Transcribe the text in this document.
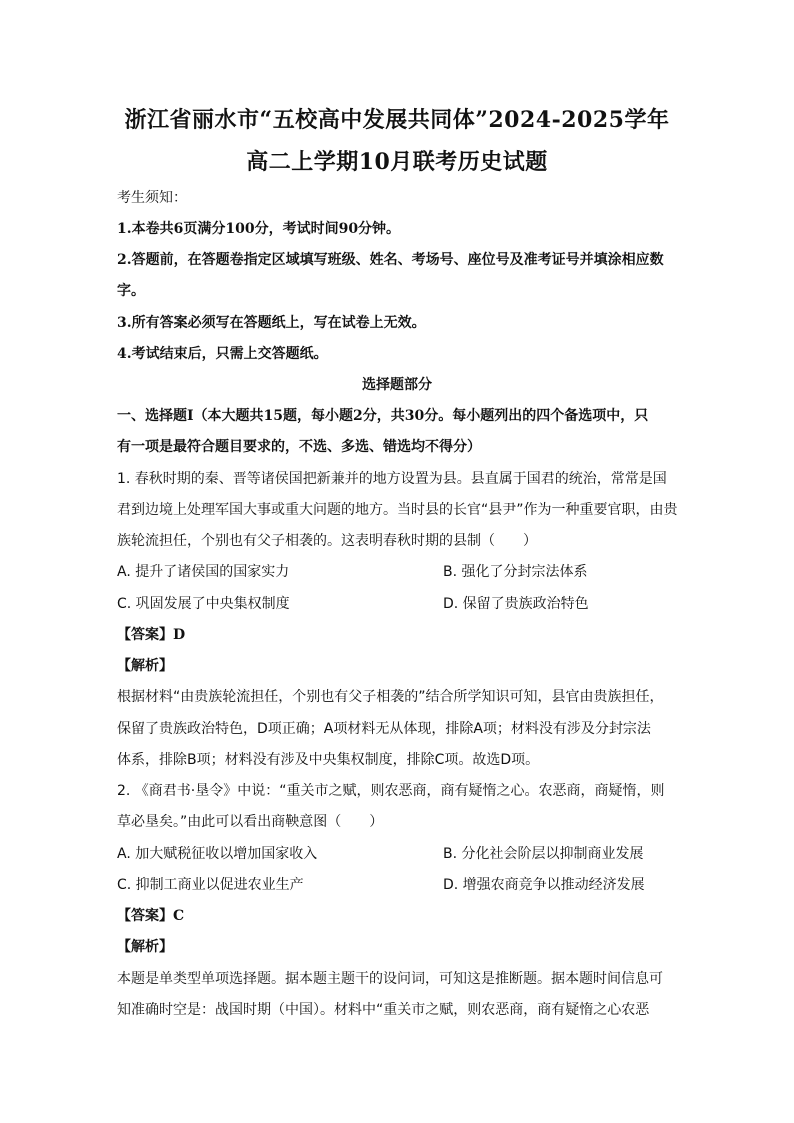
浙江省丽水市“五校高中发展共同体”2024-2025学年
高二上学期10月联考历史试题
考生须知：
1.本卷共6页满分100分，考试时间90分钟。
2.答题前，在答题卷指定区域填写班级、姓名、考场号、座位号及准考证号并填涂相应数
字。
3.所有答案必须写在答题纸上，写在试卷上无效。
4.考试结束后，只需上交答题纸。
选择题部分
一、选择题Ⅰ（本大题共15题，每小题2分，共30分。每小题列出的四个备选项中，只
有一项是最符合题目要求的，不选、多选、错选均不得分）
1. 春秋时期的秦、晋等诸侯国把新兼并的地方设置为县。县直属于国君的统治，常常是国
君到边境上处理军国大事或重大问题的地方。当时县的长官“县尹”作为一种重要官职，由贵
族轮流担任，个别也有父子相袭的。这表明春秋时期的县制（　　）
A. 提升了诸侯国的国家实力	B. 强化了分封宗法体系
C. 巩固发展了中央集权制度	D. 保留了贵族政治特色
【答案】D
【解析】
根据材料“由贵族轮流担任，个别也有父子相袭的”结合所学知识可知，县官由贵族担任，
保留了贵族政治特色，D项正确；A项材料无从体现，排除A项；材料没有涉及分封宗法
体系，排除B项；材料没有涉及中央集权制度，排除C项。故选D项。
2. 《商君书·垦令》中说：“重关市之赋，则农恶商，商有疑惰之心。农恶商，商疑惰，则
草必垦矣。”由此可以看出商鞅意图（　　）
A. 加大赋税征收以增加国家收入	B. 分化社会阶层以抑制商业发展
C. 抑制工商业以促进农业生产	D. 增强农商竞争以推动经济发展
【答案】C
【解析】
本题是单类型单项选择题。据本题主题干的设问词，可知这是推断题。据本题时间信息可
知准确时空是：战国时期（中国）。材料中“重关市之赋，则农恶商，商有疑惰之心农恶
